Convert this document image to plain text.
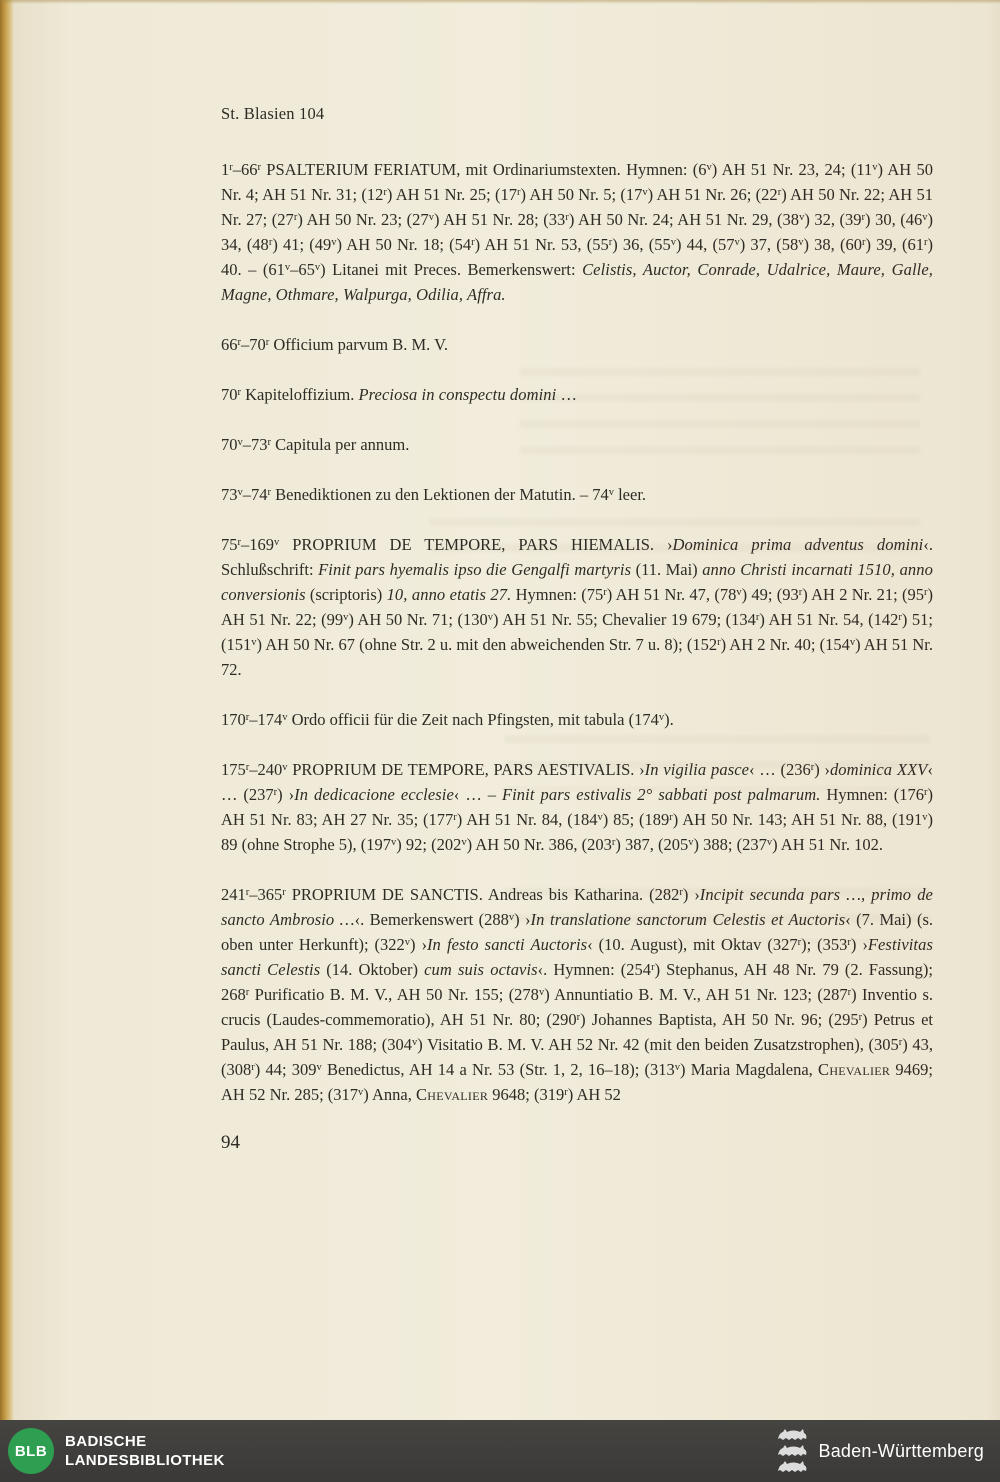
St. Blasien 104

1$^r$–66$^r$ PSALTERIUM FERIATUM, mit Ordinariumstexten. Hymnen: (6$^v$) AH 51 Nr. 23, 24; (11$^v$) AH 50 Nr. 4; AH 51 Nr. 31; (12$^r$) AH 51 Nr. 25; (17$^r$) AH 50 Nr. 5; (17$^v$) AH 51 Nr. 26; (22$^r$) AH 50 Nr. 22; AH 51 Nr. 27; (27$^r$) AH 50 Nr. 23; (27$^v$) AH 51 Nr. 28; (33$^r$) AH 50 Nr. 24; AH 51 Nr. 29, (38$^v$) 32, (39$^r$) 30, (46$^v$) 34, (48$^r$) 41; (49$^v$) AH 50 Nr. 18; (54$^r$) AH 51 Nr. 53, (55$^r$) 36, (55$^v$) 44, (57$^v$) 37, (58$^v$) 38, (60$^r$) 39, (61$^r$) 40. – (61$^v$–65$^v$) Litanei mit Preces. Bemerkenswert: Celistis, Auctor, Conrade, Udalrice, Maure, Galle, Magne, Othmare, Walpurga, Odilia, Affra.

66$^r$–70$^r$ Officium parvum B. M. V.

70$^r$ Kapiteloffizium. Preciosa in conspectu domini …

70$^v$–73$^r$ Capitula per annum.

73$^v$–74$^r$ Benediktionen zu den Lektionen der Matutin. – 74$^v$ leer.

75$^r$–169$^v$ PROPRIUM DE TEMPORE, PARS HIEMALIS. ›Dominica prima adventus domini‹. Schlußschrift: Finit pars hyemalis ipso die Gengalfi martyris (11. Mai) anno Christi incarnati 1510, anno conversionis (scriptoris) 10, anno etatis 27. Hymnen: (75$^r$) AH 51 Nr. 47, (78$^v$) 49; (93$^r$) AH 2 Nr. 21; (95$^r$) AH 51 Nr. 22; (99$^v$) AH 50 Nr. 71; (130$^v$) AH 51 Nr. 55; Chevalier 19 679; (134$^r$) AH 51 Nr. 54, (142$^r$) 51; (151$^v$) AH 50 Nr. 67 (ohne Str. 2 u. mit den abweichenden Str. 7 u. 8); (152$^r$) AH 2 Nr. 40; (154$^v$) AH 51 Nr. 72.

170$^r$–174$^v$ Ordo officii für die Zeit nach Pfingsten, mit tabula (174$^v$).

175$^r$–240$^v$ PROPRIUM DE TEMPORE, PARS AESTIVALIS. ›In vigilia pasce‹ … (236$^r$) ›dominica XXV‹ … (237$^r$) ›In dedicacione ecclesie‹ … – Finit pars estivalis 2° sabbati post palmarum. Hymnen: (176$^r$) AH 51 Nr. 83; AH 27 Nr. 35; (177$^r$) AH 51 Nr. 84, (184$^v$) 85; (189$^r$) AH 50 Nr. 143; AH 51 Nr. 88, (191$^v$) 89 (ohne Strophe 5), (197$^v$) 92; (202$^v$) AH 50 Nr. 386, (203$^r$) 387, (205$^v$) 388; (237$^v$) AH 51 Nr. 102.

241$^r$–365$^r$ PROPRIUM DE SANCTIS. Andreas bis Katharina. (282$^r$) ›Incipit secunda pars …, primo de sancto Ambrosio …‹. Bemerkenswert (288$^v$) ›In translatione sanctorum Celestis et Auctoris‹ (7. Mai) (s. oben unter Herkunft); (322$^v$) ›In festo sancti Auctoris‹ (10. August), mit Oktav (327$^r$); (353$^r$) ›Festivitas sancti Celestis (14. Oktober) cum suis octavis‹. Hymnen: (254$^r$) Stephanus, AH 48 Nr. 79 (2. Fassung); 268$^r$ Purificatio B. M. V., AH 50 Nr. 155; (278$^v$) Annuntiatio B. M. V., AH 51 Nr. 123; (287$^r$) Inventio s. crucis (Laudes-commemoratio), AH 51 Nr. 80; (290$^r$) Johannes Baptista, AH 50 Nr. 96; (295$^r$) Petrus et Paulus, AH 51 Nr. 188; (304$^v$) Visitatio B. M. V. AH 52 Nr. 42 (mit den beiden Zusatzstrophen), (305$^r$) 43, (308$^r$) 44; 309$^v$ Benedictus, AH 14 a Nr. 53 (Str. 1, 2, 16–18); (313$^v$) Maria Magdalena, Chevalier 9469; AH 52 Nr. 285; (317$^v$) Anna, Chevalier 9648; (319$^r$) AH 52

94
BLB
BADISCHE
LANDESBIBLIOTHEK	Baden-Württemberg
